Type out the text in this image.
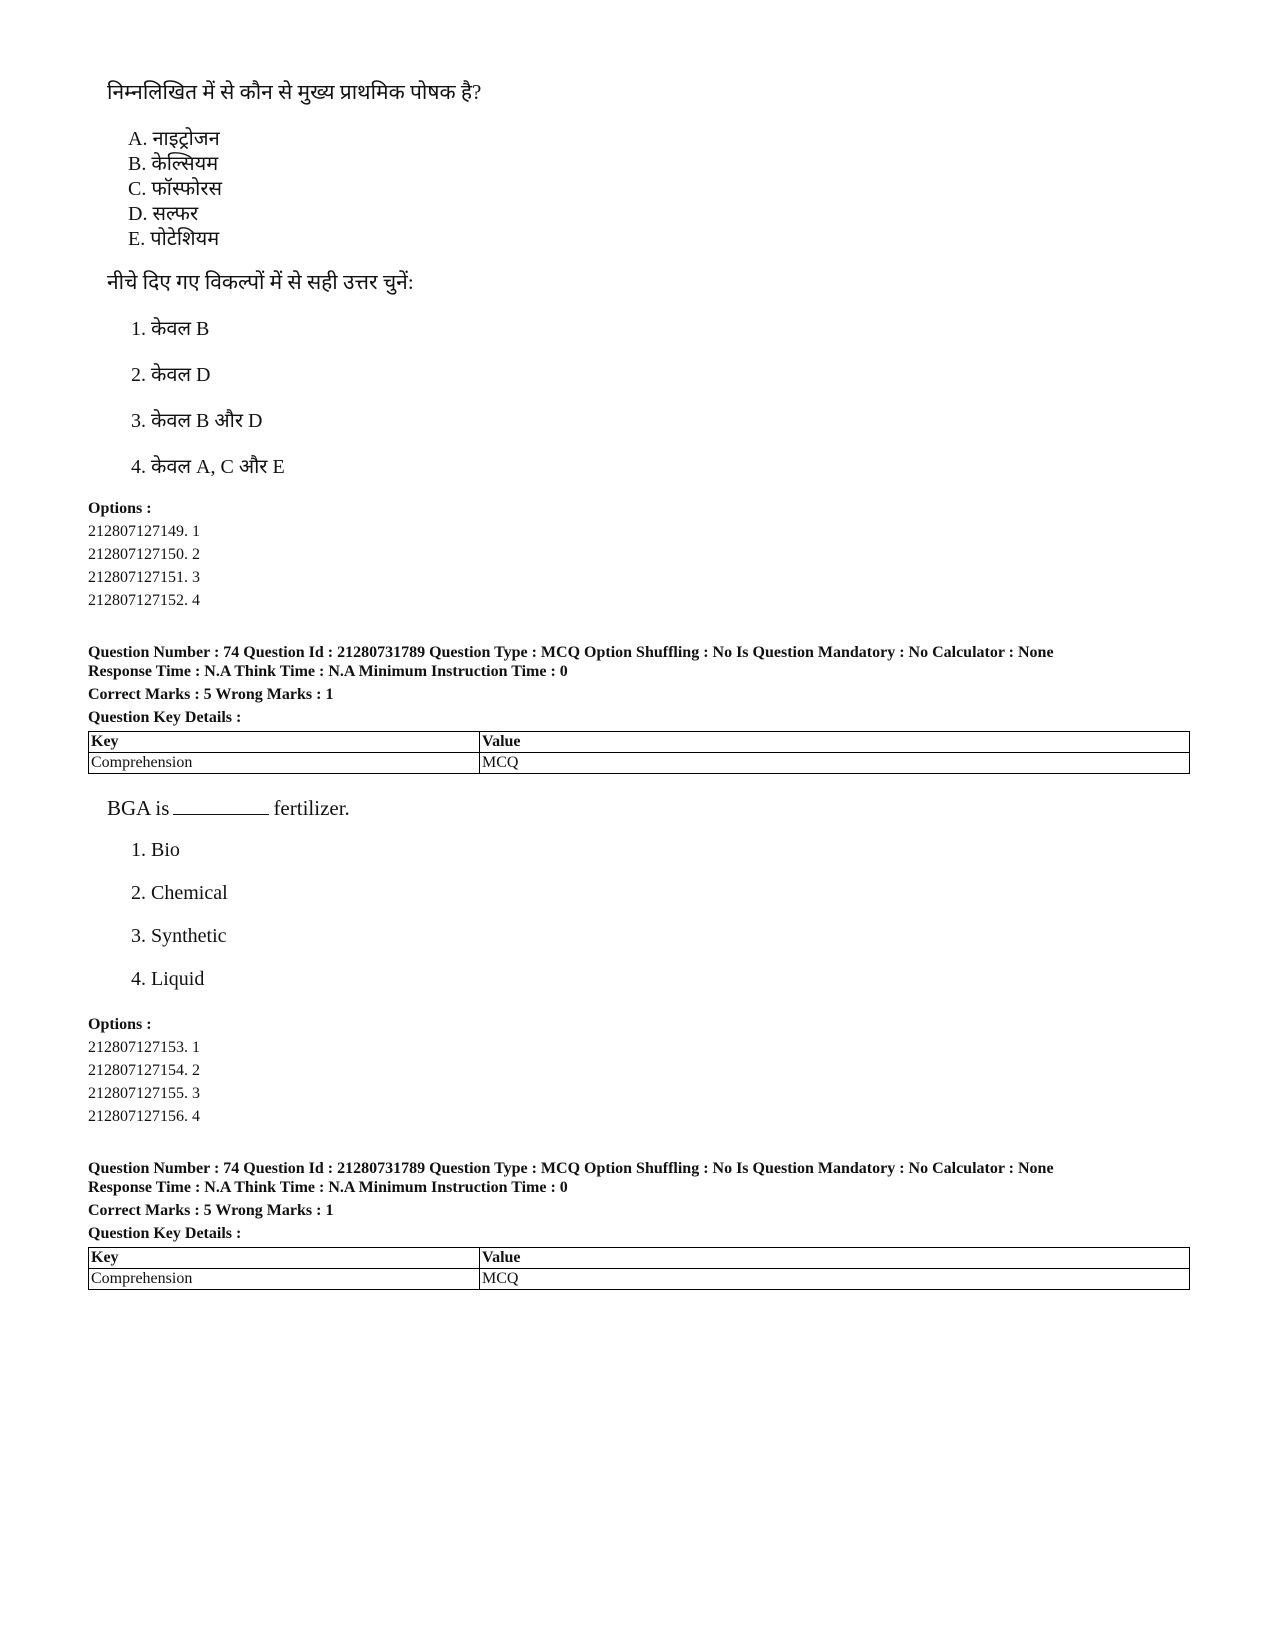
निम्नलिखित में से कौन से मुख्य प्राथमिक पोषक है?
A. नाइट्रोजन
B. केल्सियम
C. फॉस्फोरस
D. सल्फर
E. पोटेशियम
नीचे दिए गए विकल्पों में से सही उत्तर चुनें:
1. केवल B
2. केवल D
3. केवल B और D
4. केवल A, C और E
Options :
212807127149. 1
212807127150. 2
212807127151. 3
212807127152. 4
Question Number : 74 Question Id : 21280731789 Question Type : MCQ Option Shuffling : No Is Question Mandatory : No Calculator : None
Response Time : N.A Think Time : N.A Minimum Instruction Time : 0
Correct Marks : 5 Wrong Marks : 1
Question Key Details :
Key	Value
Comprehension	MCQ
BGA is	fertilizer.
1. Bio
2. Chemical
3. Synthetic
4. Liquid
Options :
212807127153. 1
212807127154. 2
212807127155. 3
212807127156. 4
Question Number : 74 Question Id : 21280731789 Question Type : MCQ Option Shuffling : No Is Question Mandatory : No Calculator : None
Response Time : N.A Think Time : N.A Minimum Instruction Time : 0
Correct Marks : 5 Wrong Marks : 1
Question Key Details :
Key	Value
Comprehension	MCQ
